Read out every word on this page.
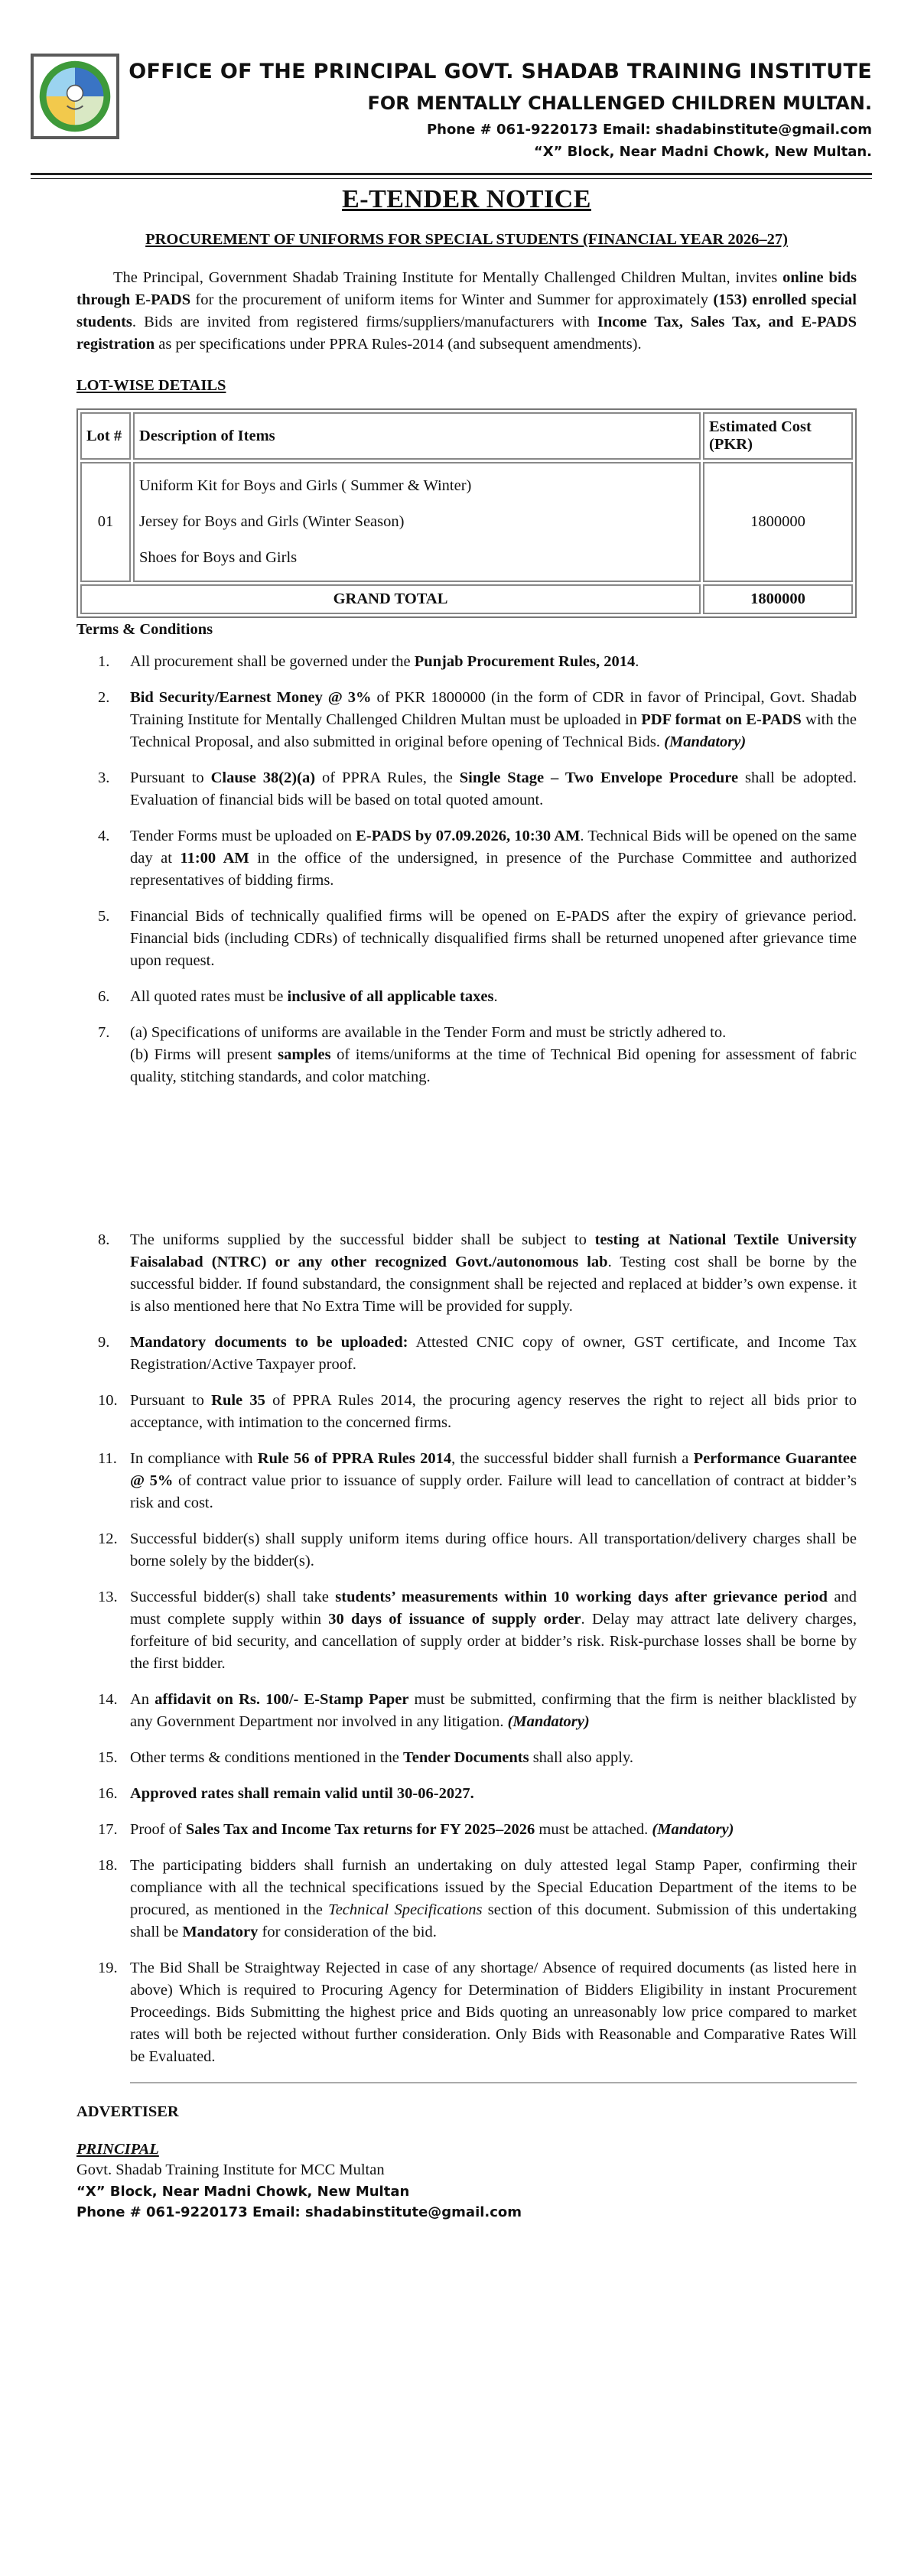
OFFICE OF THE PRINCIPAL GOVT. SHADAB TRAINING INSTITUTE
FOR MENTALLY CHALLENGED CHILDREN MULTAN.
Phone # 061-9220173 Email: shadabinstitute@gmail.com
“X” Block, Near Madni Chowk, New Multan.
E-TENDER NOTICE
PROCUREMENT OF UNIFORMS FOR SPECIAL STUDENTS (FINANCIAL YEAR 2026–27)

The Principal, Government Shadab Training Institute for Mentally Challenged Children Multan, invites online bids through E-PADS for the procurement of uniform items for Winter and Summer for approximately (153) enrolled special students. Bids are invited from registered firms/suppliers/manufacturers with Income Tax, Sales Tax, and E-PADS registration as per specifications under PPRA Rules-2014 (and subsequent amendments).

LOT-WISE DETAILS
Lot #	Description of Items	Estimated Cost (PKR)
01	Uniform Kit for Boys and Girls ( Summer & Winter)
Jersey for Boys and Girls (Winter Season)
Shoes for Boys and Girls	1800000
GRAND TOTAL		1800000
Terms & Conditions
1.	All procurement shall be governed under the Punjab Procurement Rules, 2014.
2.	Bid Security/Earnest Money @ 3% of PKR 1800000 (in the form of CDR in favor of Principal, Govt. Shadab Training Institute for Mentally Challenged Children Multan must be uploaded in PDF format on E-PADS with the Technical Proposal, and also submitted in original before opening of Technical Bids. (Mandatory)
3.	Pursuant to Clause 38(2)(a) of PPRA Rules, the Single Stage – Two Envelope Procedure shall be adopted. Evaluation of financial bids will be based on total quoted amount.
4.	Tender Forms must be uploaded on E-PADS by 07.09.2026, 10:30 AM. Technical Bids will be opened on the same day at 11:00 AM in the office of the undersigned, in presence of the Purchase Committee and authorized representatives of bidding firms.
5.	Financial Bids of technically qualified firms will be opened on E-PADS after the expiry of grievance period. Financial bids (including CDRs) of technically disqualified firms shall be returned unopened after grievance time upon request.
6.	All quoted rates must be inclusive of all applicable taxes.
7.	(a) Specifications of uniforms are available in the Tender Form and must be strictly adhered to.
(b) Firms will present samples of items/uniforms at the time of Technical Bid opening for assessment of fabric quality, stitching standards, and color matching.
8.	The uniforms supplied by the successful bidder shall be subject to testing at National Textile University Faisalabad (NTRC) or any other recognized Govt./autonomous lab. Testing cost shall be borne by the successful bidder. If found substandard, the consignment shall be rejected and replaced at bidder’s own expense. it is also mentioned here that No Extra Time will be provided for supply.
9.	Mandatory documents to be uploaded: Attested CNIC copy of owner, GST certificate, and Income Tax Registration/Active Taxpayer proof.
10. Pursuant to Rule 35 of PPRA Rules 2014, the procuring agency reserves the right to reject all bids prior to acceptance, with intimation to the concerned firms.
11. In compliance with Rule 56 of PPRA Rules 2014, the successful bidder shall furnish a Performance Guarantee @ 5% of contract value prior to issuance of supply order. Failure will lead to cancellation of contract at bidder’s risk and cost.
12. Successful bidder(s) shall supply uniform items during office hours. All transportation/delivery charges shall be borne solely by the bidder(s).
13. Successful bidder(s) shall take students’ measurements within 10 working days after grievance period and must complete supply within 30 days of issuance of supply order. Delay may attract late delivery charges, forfeiture of bid security, and cancellation of supply order at bidder’s risk. Risk-purchase losses shall be borne by the first bidder.
14. An affidavit on Rs. 100/- E-Stamp Paper must be submitted, confirming that the firm is neither blacklisted by any Government Department nor involved in any litigation. (Mandatory)
15. Other terms & conditions mentioned in the Tender Documents shall also apply.
16. Approved rates shall remain valid until 30-06-2027.
17. Proof of Sales Tax and Income Tax returns for FY 2025–2026 must be attached. (Mandatory)
18. The participating bidders shall furnish an undertaking on duly attested legal Stamp Paper, confirming their compliance with all the technical specifications issued by the Special Education Department of the items to be procured, as mentioned in the Technical Specifications section of this document. Submission of this undertaking shall be Mandatory for consideration of the bid.
19. The Bid Shall be Straightway Rejected in case of any shortage/ Absence of required documents (as listed here in above) Which is required to Procuring Agency for Determination of Bidders Eligibility in instant Procurement Proceedings. Bids Submitting the highest price and Bids quoting an unreasonably low price compared to market rates will both be rejected without further consideration. Only Bids with Reasonable and Comparative Rates Will be Evaluated.
ADVERTISER
PRINCIPAL
Govt. Shadab Training Institute for MCC Multan
“X” Block, Near Madni Chowk, New Multan
Phone # 061-9220173 Email: shadabinstitute@gmail.com
